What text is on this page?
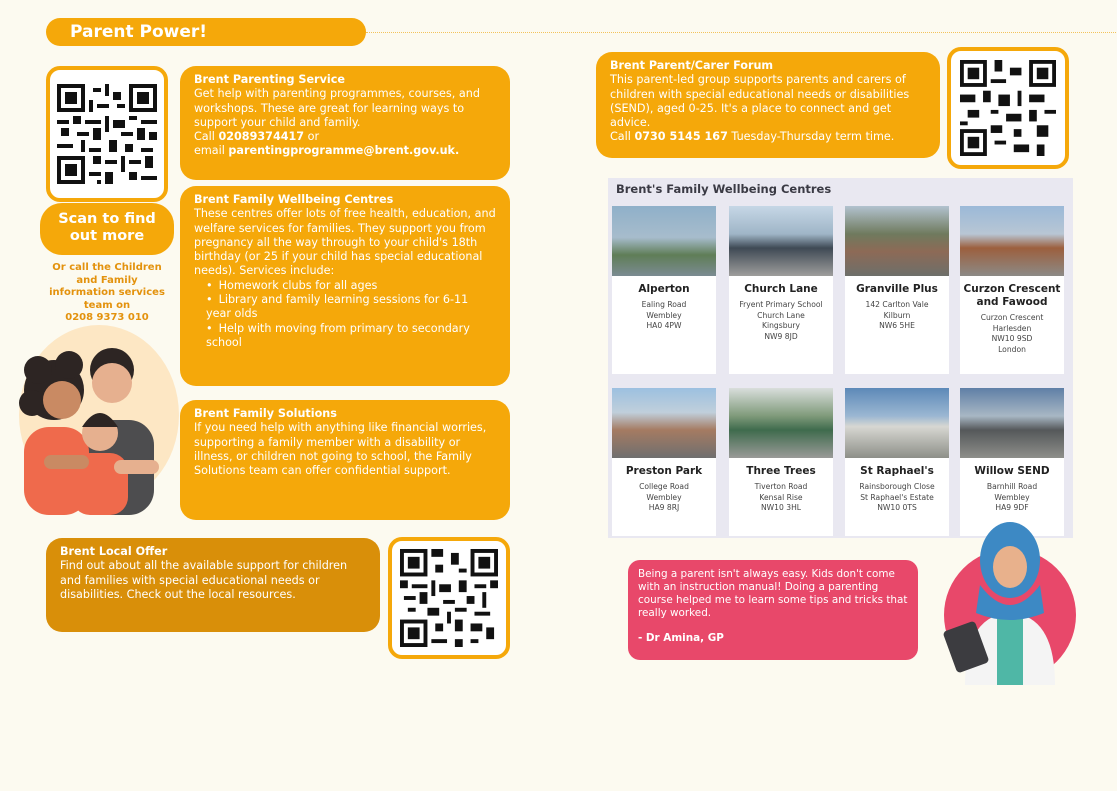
Parent Power!
Scan to find out more
Or call the Children and Family information services team on
0208 9373 010
Brent Parenting Service
Get help with parenting programmes, courses, and workshops. These are great for learning ways to support your child and family.
Call 02089374417 or
email parentingprogramme@brent.gov.uk.
Brent Family Wellbeing Centres
These centres offer lots of free health, education, and welfare services for families. They support you from pregnancy all the way through to your child's 18th birthday (or 25 if your child has special educational needs). Services include:
• Homework clubs for all ages
• Library and family learning sessions for 6-11 year olds
• Help with moving from primary to secondary school
Brent Family Solutions
If you need help with anything like financial worries, supporting a family member with a disability or illness, or children not going to school, the Family Solutions team can offer confidential support.
Brent Local Offer
Find out about all the available support for children and families with special educational needs or disabilities. Check out the local resources.
Brent Parent/Carer Forum
This parent-led group supports parents and carers of children with special educational needs or disabilities (SEND), aged 0-25. It's a place to connect and get advice.
Call 0730 5145 167 Tuesday-Thursday term time.
Brent's Family Wellbeing Centres
Alperton
Ealing Road
Wembley
HA0 4PW
Church Lane
Fryent Primary School
Church Lane
Kingsbury
NW9 8JD
Granville Plus
142 Carlton Vale
Kilburn
NW6 5HE
Curzon Crescent and Fawood
Curzon Crescent
Harlesden
NW10 9SD
London
Preston Park
College Road
Wembley
HA9 8RJ
Three Trees
Tiverton Road
Kensal Rise
NW10 3HL
St Raphael's
Rainsborough Close
St Raphael's Estate
NW10 0TS
Willow SEND
Barnhill Road
Wembley
HA9 9DF
Being a parent isn't always easy. Kids don't come with an instruction manual! Doing a parenting course helped me to learn some tips and tricks that really worked.
- Dr Amina, GP
